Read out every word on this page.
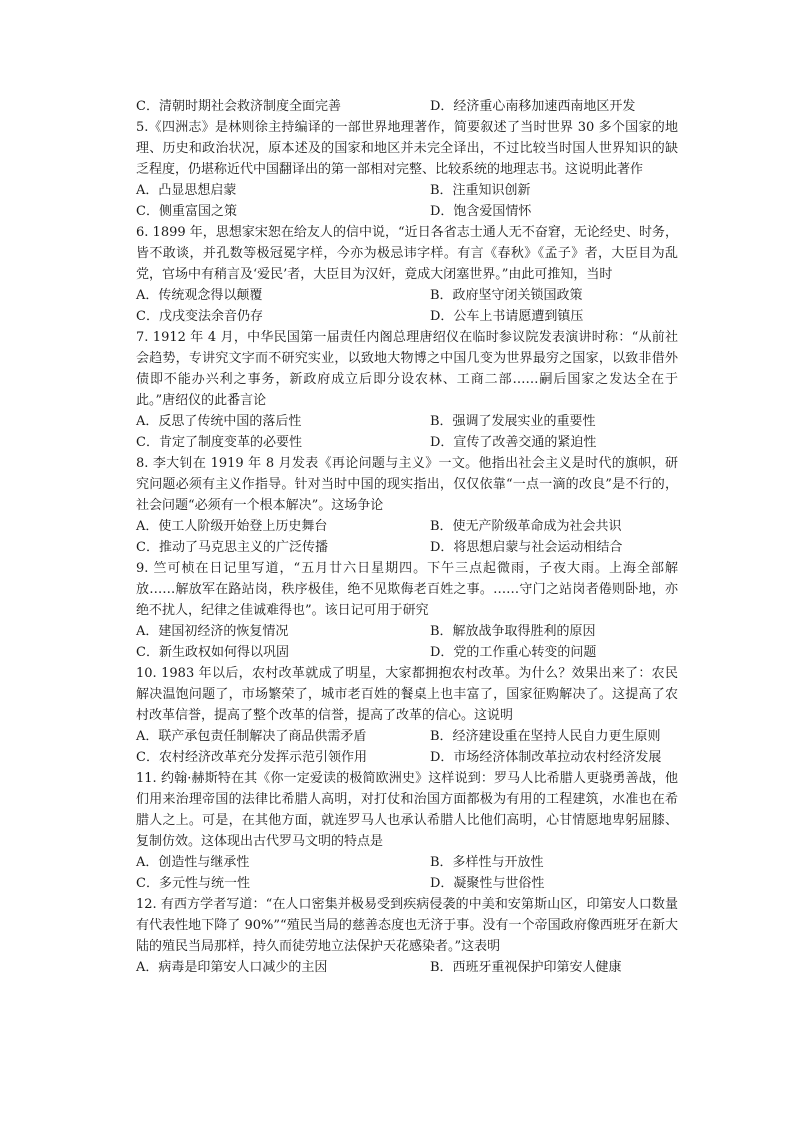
C．清朝时期社会救济制度全面完善	D．经济重心南移加速西南地区开发

5.《四洲志》是林则徐主持编译的一部世界地理著作，简要叙述了当时世界 30 多个国家的地理、历史和政治状况，原本述及的国家和地区并未完全译出，不过比较当时国人世界知识的缺乏程度，仍堪称近代中国翻译出的第一部相对完整、比较系统的地理志书。这说明此著作

A．凸显思想启蒙	B．注重知识创新
C．侧重富国之策	D．饱含爱国情怀

6. 1899 年，思想家宋恕在给友人的信中说，“近日各省志士通人无不奋窘，无论经史、时务，皆不敢谈，并孔数等极冠冕字样，今亦为极忌讳字样。有言《春秋》《孟子》者，大臣目为乱党，官场中有稍言及‘爱民’者，大臣目为汉奸，竟成大闭塞世界。”由此可推知，当时

A．传统观念得以颠覆	B．政府坚守闭关锁国政策
C．戊戌变法余音仍存	D．公车上书请愿遭到镇压

7. 1912 年 4 月，中华民国第一届责任内阁总理唐绍仪在临时参议院发表演讲时称：“从前社会趋势，专讲究文字而不研究实业，以致地大物博之中国几变为世界最穷之国家，以致非借外债即不能办兴利之事务，新政府成立后即分设农林、工商二部……嗣后国家之发达全在于此。”唐绍仪的此番言论

A．反思了传统中国的落后性	B．强调了发展实业的重要性
C．肯定了制度变革的必要性	D．宣传了改善交通的紧迫性

8. 李大钊在 1919 年 8 月发表《再论问题与主义》一文。他指出社会主义是时代的旗帜，研究问题必须有主义作指导。针对当时中国的现实指出，仅仅依靠“一点一滴的改良”是不行的，社会问题“必须有一个根本解决”。这场争论

A．使工人阶级开始登上历史舞台	B．使无产阶级革命成为社会共识
C．推动了马克思主义的广泛传播	D．将思想启蒙与社会运动相结合

9. 竺可桢在日记里写道，“五月廿六日星期四。下午三点起微雨，子夜大雨。上海全部解放……解放军在路站岗，秩序极佳，绝不见欺侮老百姓之事。……守门之站岗者倦则卧地，亦绝不扰人，纪律之佳诚难得也”。该日记可用于研究

A．建国初经济的恢复情况	B．解放战争取得胜利的原因
C．新生政权如何得以巩固	D．党的工作重心转变的问题

10. 1983 年以后，农村改革就成了明星，大家都拥抱农村改革。为什么？效果出来了：农民解决温饱问题了，市场繁荣了，城市老百姓的餐桌上也丰富了，国家征购解决了。这提高了农村改革信誉，提高了整个改革的信誉，提高了改革的信心。这说明

A．联产承包责任制解决了商品供需矛盾	B．经济建设重在坚持人民自力更生原则
C．农村经济改革充分发挥示范引领作用	D．市场经济体制改革拉动农村经济发展

11. 约翰·赫斯特在其《你一定爱读的极简欧洲史》这样说到：罗马人比希腊人更骁勇善战，他们用来治理帝国的法律比希腊人高明，对打仗和治国方面都极为有用的工程建筑，水准也在希腊人之上。可是，在其他方面，就连罗马人也承认希腊人比他们高明，心甘情愿地卑躬屈膝、复制仿效。这体现出古代罗马文明的特点是

A．创造性与继承性	B．多样性与开放性
C．多元性与统一性	D．凝聚性与世俗性

12. 有西方学者写道：“在人口密集并极易受到疾病侵袭的中美和安第斯山区，印第安人口数量有代表性地下降了 90%”“殖民当局的慈善态度也无济于事。没有一个帝国政府像西班牙在新大陆的殖民当局那样，持久而徒劳地立法保护天花感染者。”这表明

A．病毒是印第安人口减少的主因	B．西班牙重视保护印第安人健康
